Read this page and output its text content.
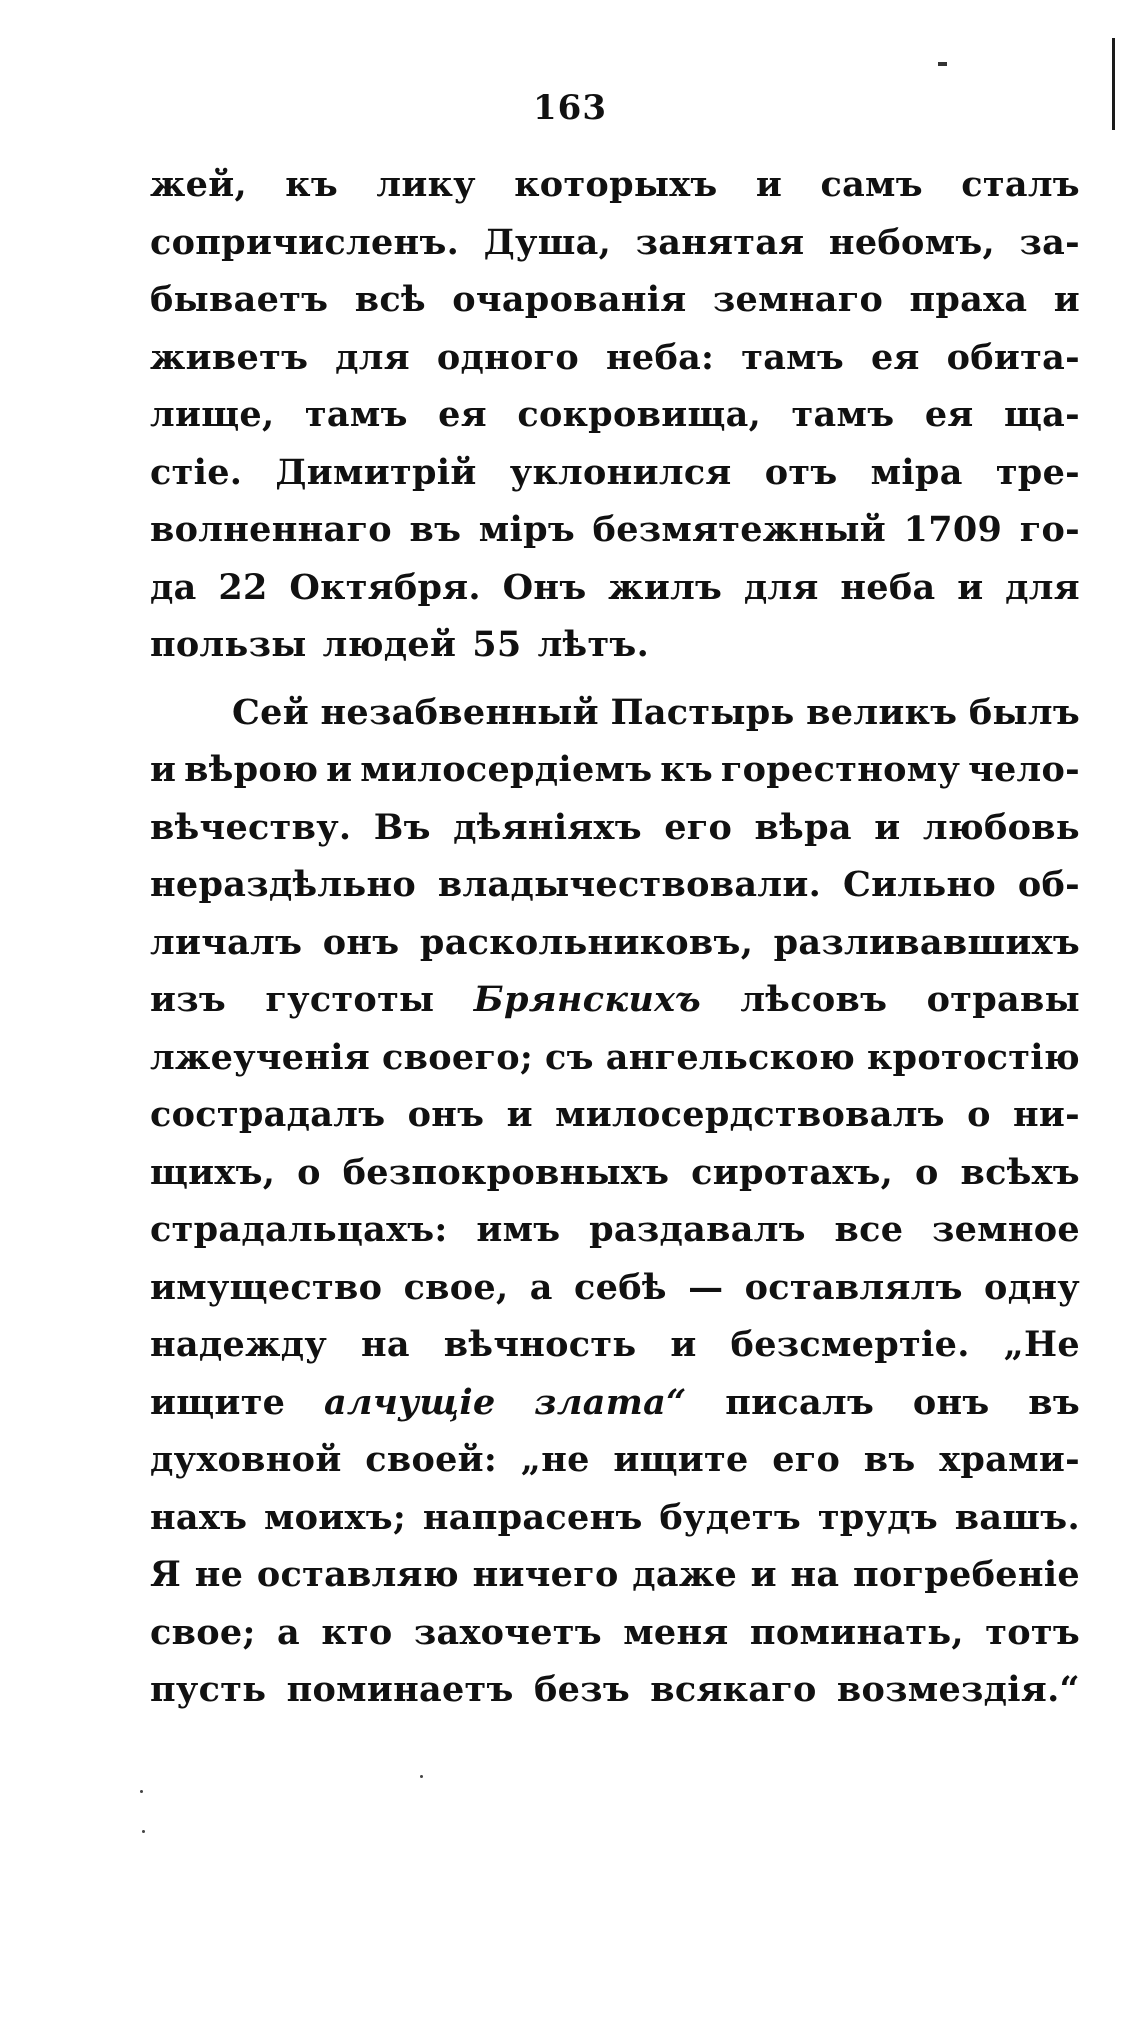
163
жей, къ лику которыхъ и самъ сталъ
сопричисленъ. Душа, занятая небомъ, за-
бываетъ всѣ очарованія земнаго праха и
живетъ для одного неба: тамъ ея обита-
лище, тамъ ея сокровища, тамъ ея ща-
стіе. Димитрій уклонился отъ міра тре-
волненнаго въ міръ безмятежный 1709 го-
да 22 Октября. Онъ жилъ для неба и для
пользы людей 55 лѣтъ.
Сей незабвенный Пастырь великъ былъ
и вѣрою и милосердіемъ къ горестному чело-
вѣчеству. Въ дѣяніяхъ его вѣра и любовь
нераздѣльно владычествовали. Сильно об-
личалъ онъ раскольниковъ, разливавшихъ
изъ густоты Брянскихъ лѣсовъ отравы
лжеученія своего; съ ангельскою кротостію
сострадалъ онъ и милосердствовалъ о ни-
щихъ, о безпокровныхъ сиротахъ, о всѣхъ
страдальцахъ: имъ раздавалъ все земное
имущество свое, а себѣ — оставлялъ одну
надежду на вѣчность и безсмертіе. „Не
ищите алчущіе злата“ писалъ онъ въ
духовной своей: „не ищите его въ храми-
нахъ моихъ; напрасенъ будетъ трудъ вашъ.
Я не оставляю ничего даже и на погребеніе
свое; а кто захочетъ меня поминать, тотъ
пусть поминаетъ безъ всякаго возмездія.“
